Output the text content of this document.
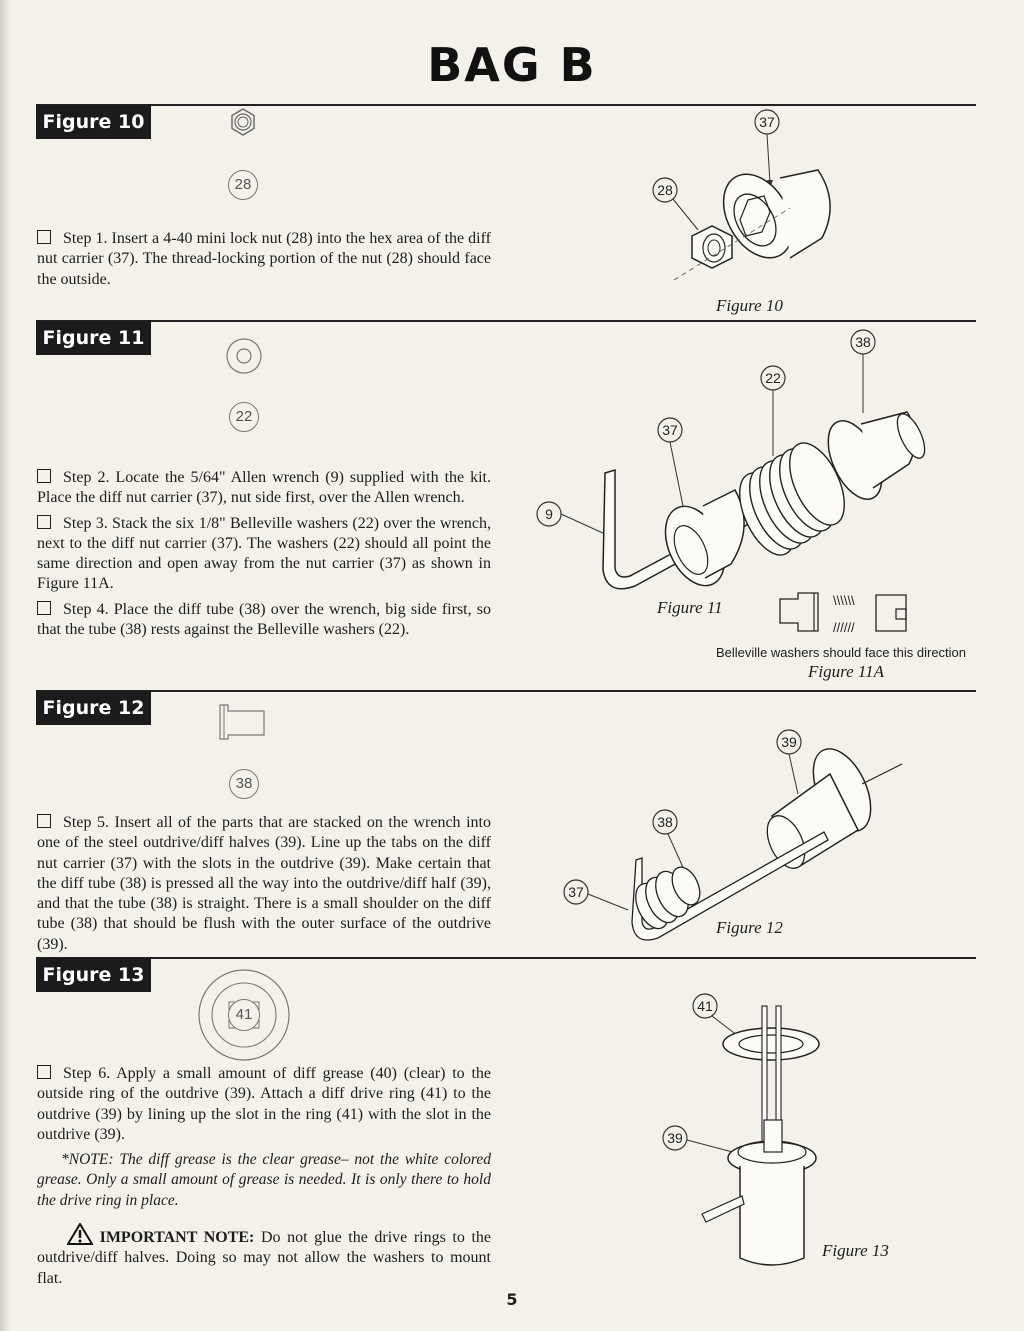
BAG B
Figure 10
28

Step 1. Insert a 4-40 mini lock nut (28) into the hex area of the diff nut carrier (37). The thread-locking portion of the nut (28) should face the outside.

37
28
Figure 10
Figure 11
22

Step 2. Locate the 5/64" Allen wrench (9) supplied with the kit. Place the diff nut carrier (37), nut side first, over the Allen wrench.

Step 3. Stack the six 1/8" Belleville washers (22) over the wrench, next to the diff nut carrier (37). The washers (22) should all point the same direction and open away from the nut carrier (37) as shown in Figure 11A.

Step 4. Place the diff tube (38) over the wrench, big side first, so that the tube (38) rests against the Belleville washers (22).

38
22
37
9
Figure 11	\\\\\\
//////
Belleville washers should face this direction
Figure 11A
Figure 12
38

Step 5. Insert all of the parts that are stacked on the wrench into one of the steel outdrive/diff halves (39). Line up the tabs on the diff nut carrier (37) with the slots in the outdrive (39). Make certain that the diff tube (38) is pressed all the way into the outdrive/diff half (39), and that the tube (38) is straight. There is a small shoulder on the diff tube (38) that should be flush with the outer surface of the outdrive (39).

39
38
37
Figure 12
Figure 13
41

Step 6. Apply a small amount of diff grease (40) (clear) to the outside ring of the outdrive (39). Attach a diff drive ring (41) to the outdrive (39) by lining up the slot in the ring (41) with the slot in the outdrive (39).

*NOTE: The diff grease is the clear grease– not the white colored grease. Only a small amount of grease is needed. It is only there to hold the drive ring in place.

IMPORTANT NOTE: Do not glue the drive rings to the outdrive/diff halves. Doing so may not allow the washers to mount flat.

41
39
Figure 13
5
